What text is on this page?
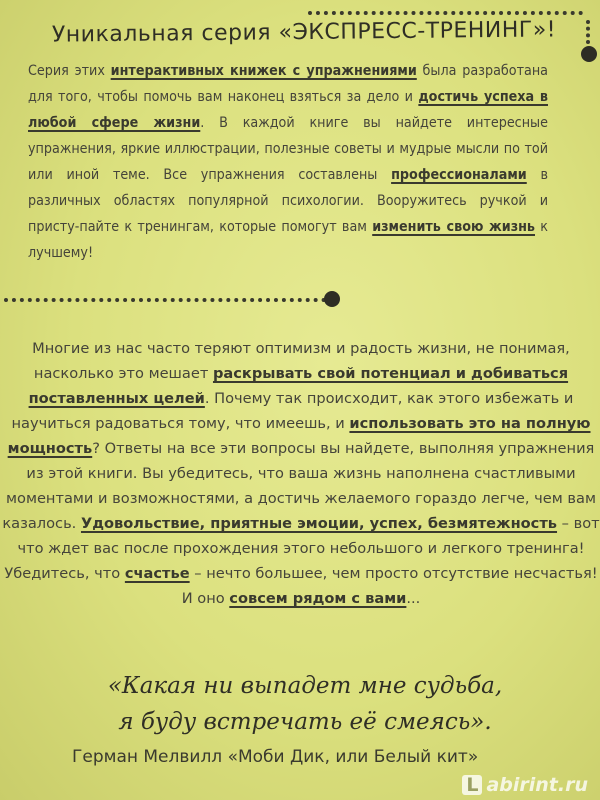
Уникальная серия «ЭКСПРЕСС-ТРЕНИНГ»!
Серия этих интерактивных книжек с упражнениями была разработана для того, чтобы помочь вам наконец взяться за дело и достичь успеха в любой сфере жизни. В каждой книге вы найдете интересные упражнения, яркие иллюстрации, полезные советы и мудрые мысли по той или иной теме. Все упражнения составлены профессионалами в различных областях популярной психологии. Вооружитесь ручкой и присту-пайте к тренингам, которые помогут вам изменить свою жизнь к лучшему!
Многие из нас часто теряют оптимизм и радость жизни, не понимая, насколько это мешает раскрывать свой потенциал и добиваться поставленных целей. Почему так происходит, как этого избежать и научиться радоваться тому, что имеешь, и использовать это на полную мощность? Ответы на все эти вопросы вы найдете, выполняя упражнения из этой книги. Вы убедитесь, что ваша жизнь наполнена счастливыми моментами и возможностями, а достичь желаемого гораздо легче, чем вам казалось. Удовольствие, приятные эмоции, успех, безмятежность – вот что ждет вас после прохождения этого небольшого и легкого тренинга! Убедитесь, что счастье – нечто большее, чем просто отсутствие несчастья! И оно совсем рядом с вами...
«Какая ни выпадет мне судьба,
я буду встречать её смеясь».
Герман Мелвилл «Моби Дик, или Белый кит»
L abirint.ru
